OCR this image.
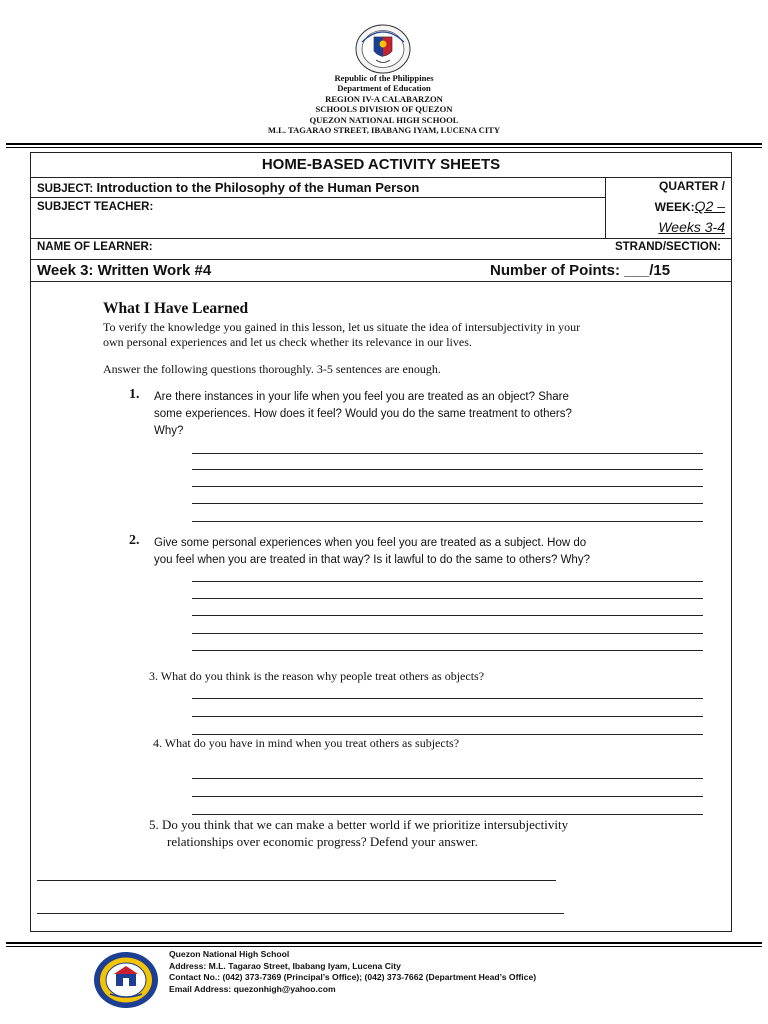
Republic of the Philippines
Department of Education
REGION IV-A CALABARZON
SCHOOLS DIVISION OF QUEZON
QUEZON NATIONAL HIGH SCHOOL
M.L. TAGARAO STREET, IBABANG IYAM, LUCENA CITY
HOME-BASED ACTIVITY SHEETS
SUBJECT: Introduction to the Philosophy of the Human Person
SUBJECT TEACHER:
QUARTER /
WEEK:Q2 –
Weeks 3-4
NAME OF LEARNER:	STRAND/SECTION:
Week 3: Written Work #4	Number of Points: ___/15
What I Have Learned
To verify the knowledge you gained in this lesson, let us situate the idea of intersubjectivity in your
own personal experiences and let us check whether its relevance in our lives.
Answer the following questions thoroughly. 3-5 sentences are enough.
1. Are there instances in your life when you feel you are treated as an object? Share
some experiences. How does it feel? Would you do the same treatment to others?
Why?
2. Give some personal experiences when you feel you are treated as a subject. How do
you feel when you are treated in that way? Is it lawful to do the same to others? Why?
3. What do you think is the reason why people treat others as objects?
4. What do you have in mind when you treat others as subjects?
5. Do you think that we can make a better world if we prioritize intersubjectivity
relationships over economic progress? Defend your answer.
Quezon National High School
Address: M.L. Tagarao Street, Ibabang Iyam, Lucena City
Contact No.: (042) 373-7369 (Principal’s Office); (042) 373-7662 (Department Head’s Office)
Email Address: quezonhigh@yahoo.com
